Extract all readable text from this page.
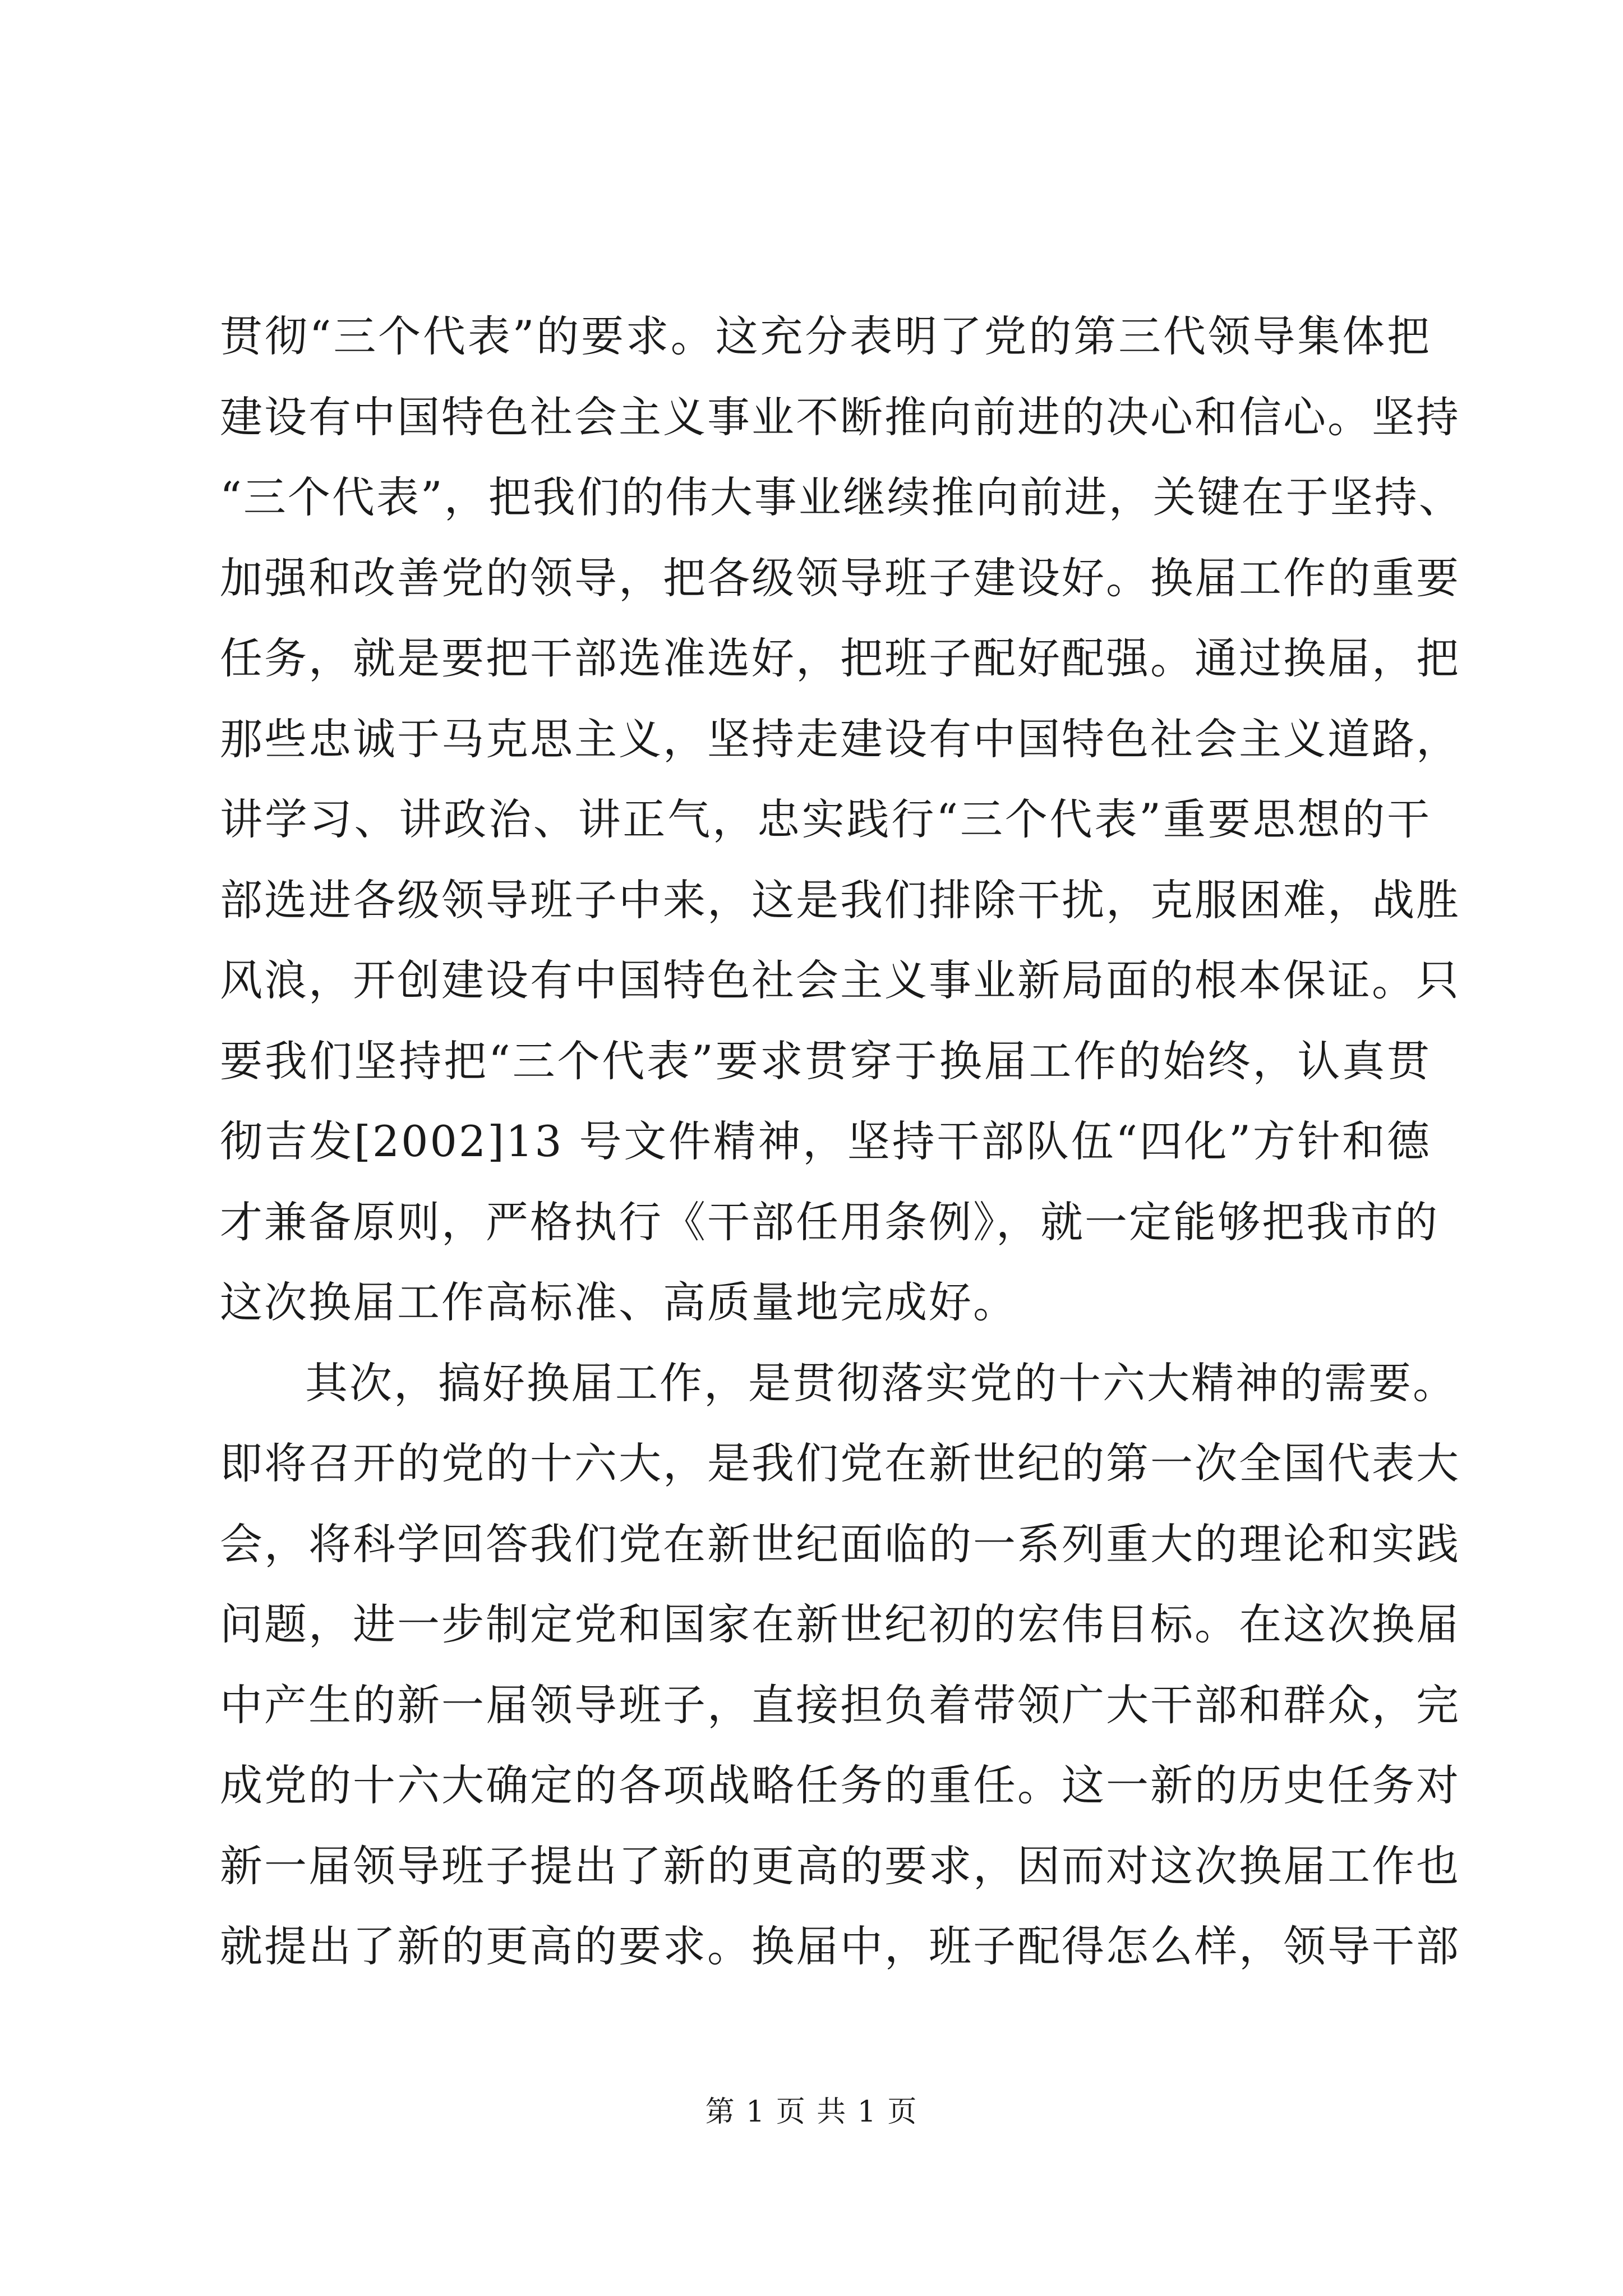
贯彻“三个代表”的要求。这充分表明了党的第三代领导集体把
建设有中国特色社会主义事业不断推向前进的决心和信心。坚持
“三个代表”，把我们的伟大事业继续推向前进，关键在于坚持、
加强和改善党的领导，把各级领导班子建设好。换届工作的重要
任务，就是要把干部选准选好，把班子配好配强。通过换届，把
那些忠诚于马克思主义，坚持走建设有中国特色社会主义道路，
讲学习、讲政治、讲正气，忠实践行“三个代表”重要思想的干
部选进各级领导班子中来，这是我们排除干扰，克服困难，战胜
风浪，开创建设有中国特色社会主义事业新局面的根本保证。只
要我们坚持把“三个代表”要求贯穿于换届工作的始终，认真贯
彻吉发[2002]13 号文件精神，坚持干部队伍“四化”方针和德
才兼备原则，严格执行《干部任用条例》，就一定能够把我市的
这次换届工作高标准、高质量地完成好。
其次，搞好换届工作，是贯彻落实党的十六大精神的需要。
即将召开的党的十六大，是我们党在新世纪的第一次全国代表大
会，将科学回答我们党在新世纪面临的一系列重大的理论和实践
问题，进一步制定党和国家在新世纪初的宏伟目标。在这次换届
中产生的新一届领导班子，直接担负着带领广大干部和群众，完
成党的十六大确定的各项战略任务的重任。这一新的历史任务对
新一届领导班子提出了新的更高的要求，因而对这次换届工作也
就提出了新的更高的要求。换届中，班子配得怎么样，领导干部
第 1 页 共 1 页
